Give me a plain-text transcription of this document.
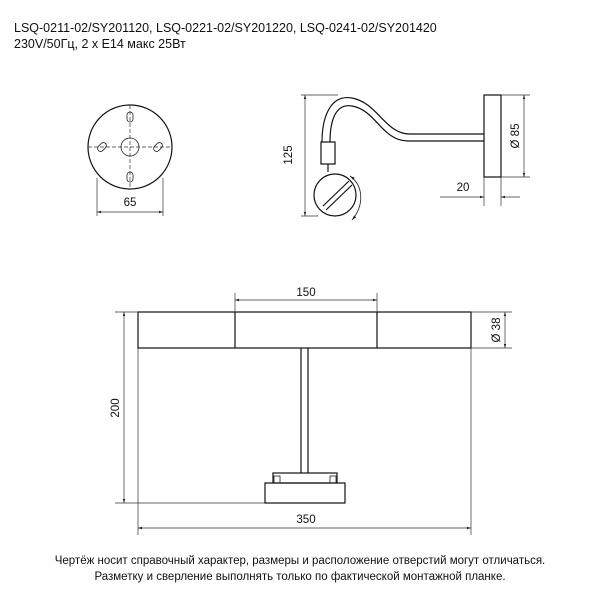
LSQ-0211-02/SY201120, LSQ-0221-02/SY201220, LSQ-0241-02/SY201420
230V/50Гц, 2 x E14 макс 25Вт
65
125
Ø 85
20
150
Ø 38
200
350
Чертёж носит справочный характер, размеры и расположение отверстий могут отличаться.
Разметку и сверление выполнять только по фактической монтажной планке.
